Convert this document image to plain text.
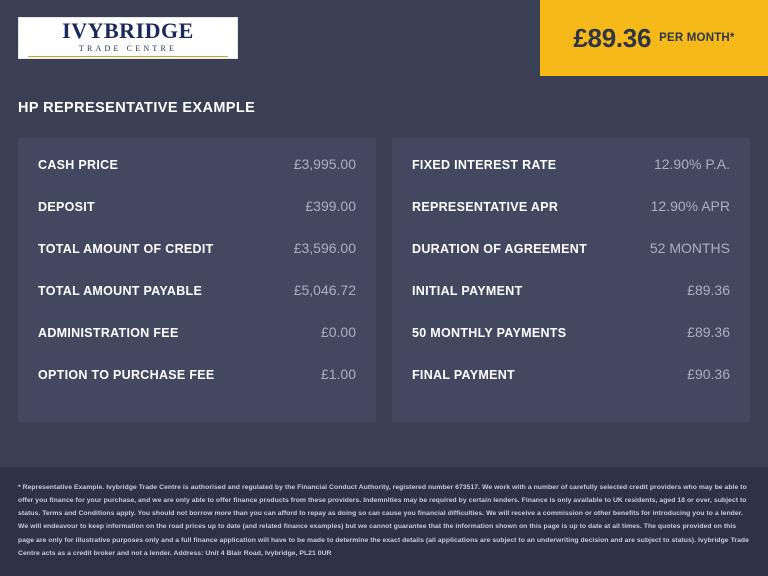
IVYBRIDGE
TRADE CENTRE	£89.36 PER MONTH*
HP REPRESENTATIVE EXAMPLE
CASH PRICE	£3,995.00
DEPOSIT	£399.00
TOTAL AMOUNT OF CREDIT	£3,596.00
TOTAL AMOUNT PAYABLE	£5,046.72
ADMINISTRATION FEE	£0.00
OPTION TO PURCHASE FEE	£1.00
FIXED INTEREST RATE	12.90% P.A.
REPRESENTATIVE APR	12.90% APR
DURATION OF AGREEMENT	52 MONTHS
INITIAL PAYMENT	£89.36
50 MONTHLY PAYMENTS	£89.36
FINAL PAYMENT	£90.36
* Representative Example. Ivybridge Trade Centre is authorised and regulated by the Financial Conduct Authority, registered number 673517. We work with a number of carefully selected credit providers who may be able to offer you finance for your purchase, and we are only able to offer finance products from these providers. Indemnities may be required by certain lenders. Finance is only available to UK residents, aged 18 or over, subject to status. Terms and Conditions apply. You should not borrow more than you can afford to repay as doing so can cause you financial difficulties. We will receive a commission or other benefits for introducing you to a lender. We will endeavour to keep information on the road prices up to date (and related finance examples) but we cannot guarantee that the information shown on this page is up to date at all times. The quotes provided on this page are only for illustrative purposes only and a full finance application will have to be made to determine the exact details (all applications are subject to an underwriting decision and are subject to status). Ivybridge Trade Centre acts as a credit broker and not a lender. Address: Unit 4 Blair Road, Ivybridge, PL21 0UR
